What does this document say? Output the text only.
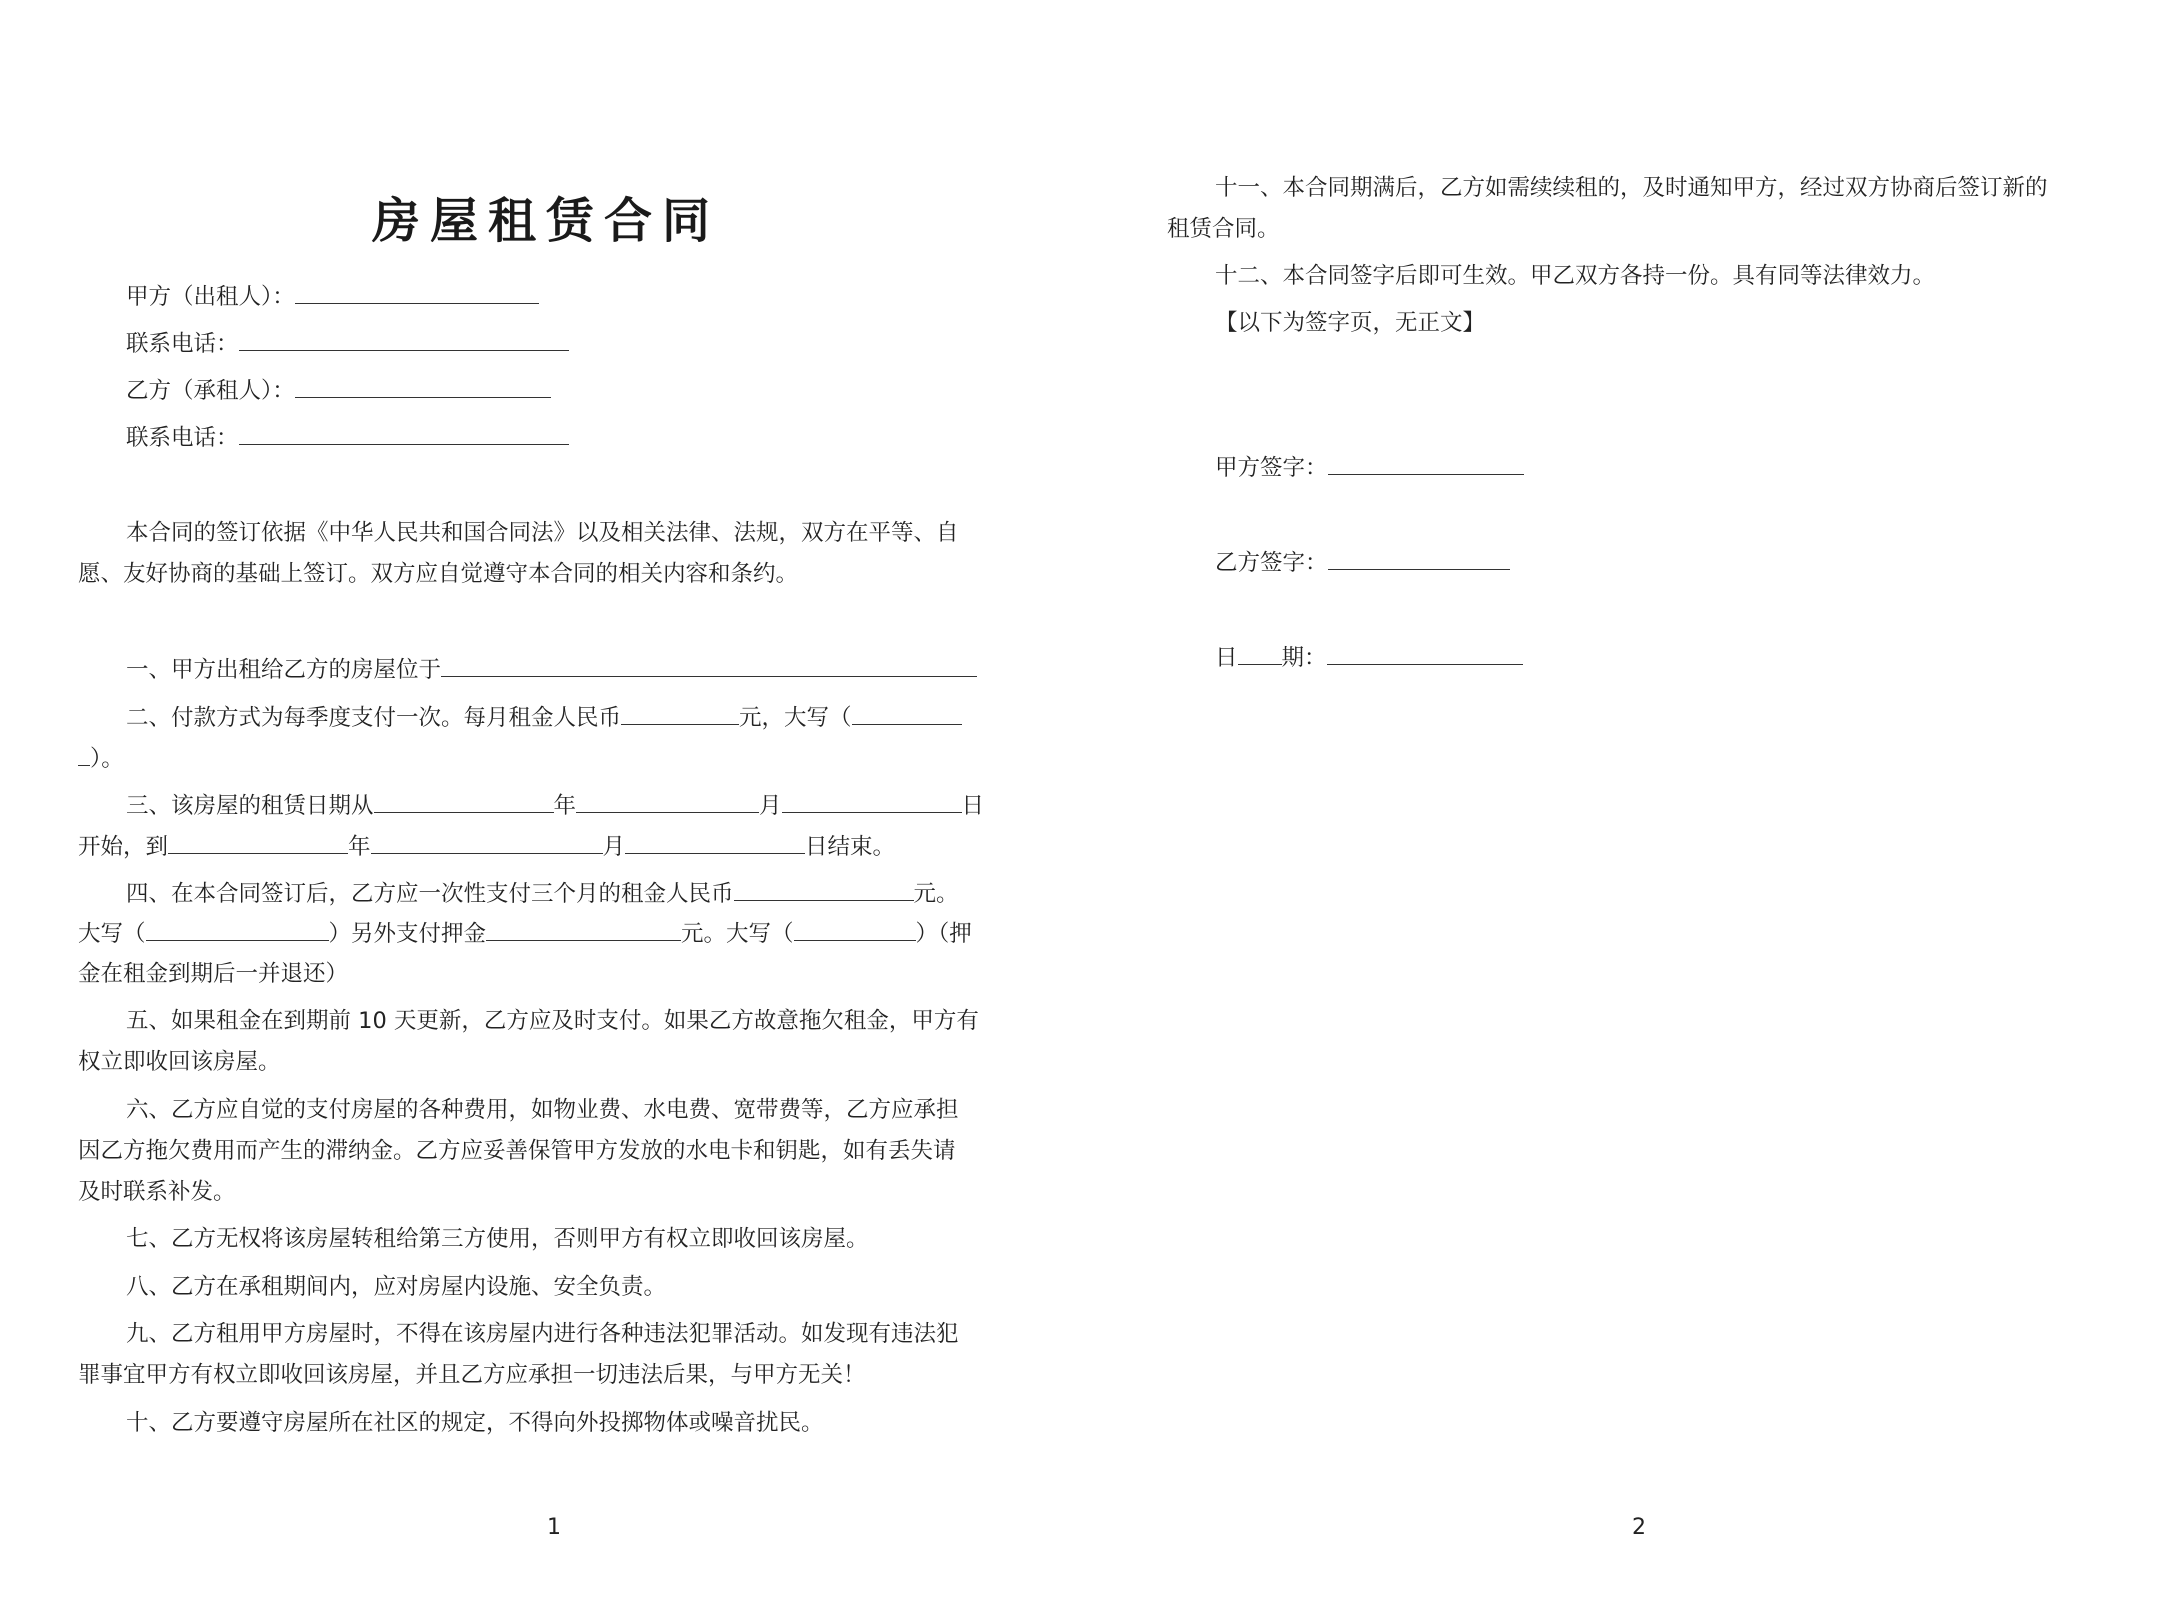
房屋租赁合同
甲方（出租人）：
联系电话：
乙方（承租人）：
联系电话：
本合同的签订依据《中华人民共和国合同法》以及相关法律、法规，双方在平等、自
愿、友好协商的基础上签订。双方应自觉遵守本合同的相关内容和条约。
一、甲方出租给乙方的房屋位于
二、付款方式为每季度支付一次。每月租金人民币	元，大写（
）。
三、该房屋的租赁日期从	年	月	日
开始，到	年	月	日结束。
四、在本合同签订后，乙方应一次性支付三个月的租金人民币	元。
大写（	）另外支付押金	元。大写（	）（押
金在租金到期后一并退还）
五、如果租金在到期前 10 天更新，乙方应及时支付。如果乙方故意拖欠租金，甲方有
权立即收回该房屋。
六、乙方应自觉的支付房屋的各种费用，如物业费、水电费、宽带费等，乙方应承担
因乙方拖欠费用而产生的滞纳金。乙方应妥善保管甲方发放的水电卡和钥匙，如有丢失请
及时联系补发。
七、乙方无权将该房屋转租给第三方使用，否则甲方有权立即收回该房屋。
八、乙方在承租期间内，应对房屋内设施、安全负责。
九、乙方租用甲方房屋时，不得在该房屋内进行各种违法犯罪活动。如发现有违法犯
罪事宜甲方有权立即收回该房屋，并且乙方应承担一切违法后果，与甲方无关！
十、乙方要遵守房屋所在社区的规定，不得向外投掷物体或噪音扰民。
1
十一、本合同期满后，乙方如需续续租的，及时通知甲方，经过双方协商后签订新的
租赁合同。
十二、本合同签字后即可生效。甲乙双方各持一份。具有同等法律效力。
【以下为签字页，无正文】
甲方签字：
乙方签字：
日 期：
2
